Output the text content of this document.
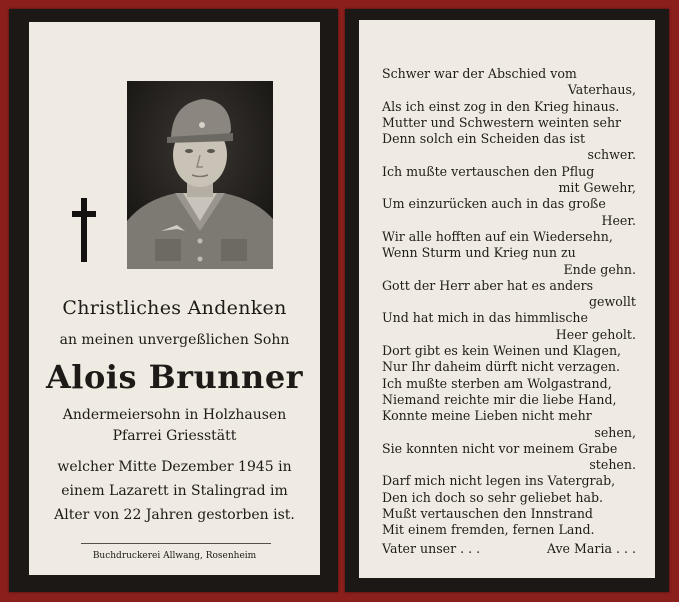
Christliches Andenken
an meinen unvergeßlichen Sohn
Alois Brunner
Andermeiersohn in Holzhausen
Pfarrei Griesstätt
welcher Mitte Dezember 1945 in
einem Lazarett in Stalingrad im
Alter von 22 Jahren gestorben ist.
Buchdruckerei Allwang, Rosenheim
Schwer war der Abschied vom
Vaterhaus,
Als ich einst zog in den Krieg hinaus.
Mutter und Schwestern weinten sehr
Denn solch ein Scheiden das ist
schwer.
Ich mußte vertauschen den Pflug
mit Gewehr,
Um einzurücken auch in das große
Heer.
Wir alle hofften auf ein Wiedersehn,
Wenn Sturm und Krieg nun zu
Ende gehn.
Gott der Herr aber hat es anders
gewollt
Und hat mich in das himmlische
Heer geholt.
Dort gibt es kein Weinen und Klagen,
Nur Ihr daheim dürft nicht verzagen.
Ich mußte sterben am Wolgastrand,
Niemand reichte mir die liebe Hand,
Konnte meine Lieben nicht mehr
sehen,
Sie konnten nicht vor meinem Grabe
stehen.
Darf mich nicht legen ins Vatergrab,
Den ich doch so sehr geliebet hab.
Mußt vertauschen den Innstrand
Mit einem fremden, fernen Land.
Vater unser . . .	Ave Maria . . .
